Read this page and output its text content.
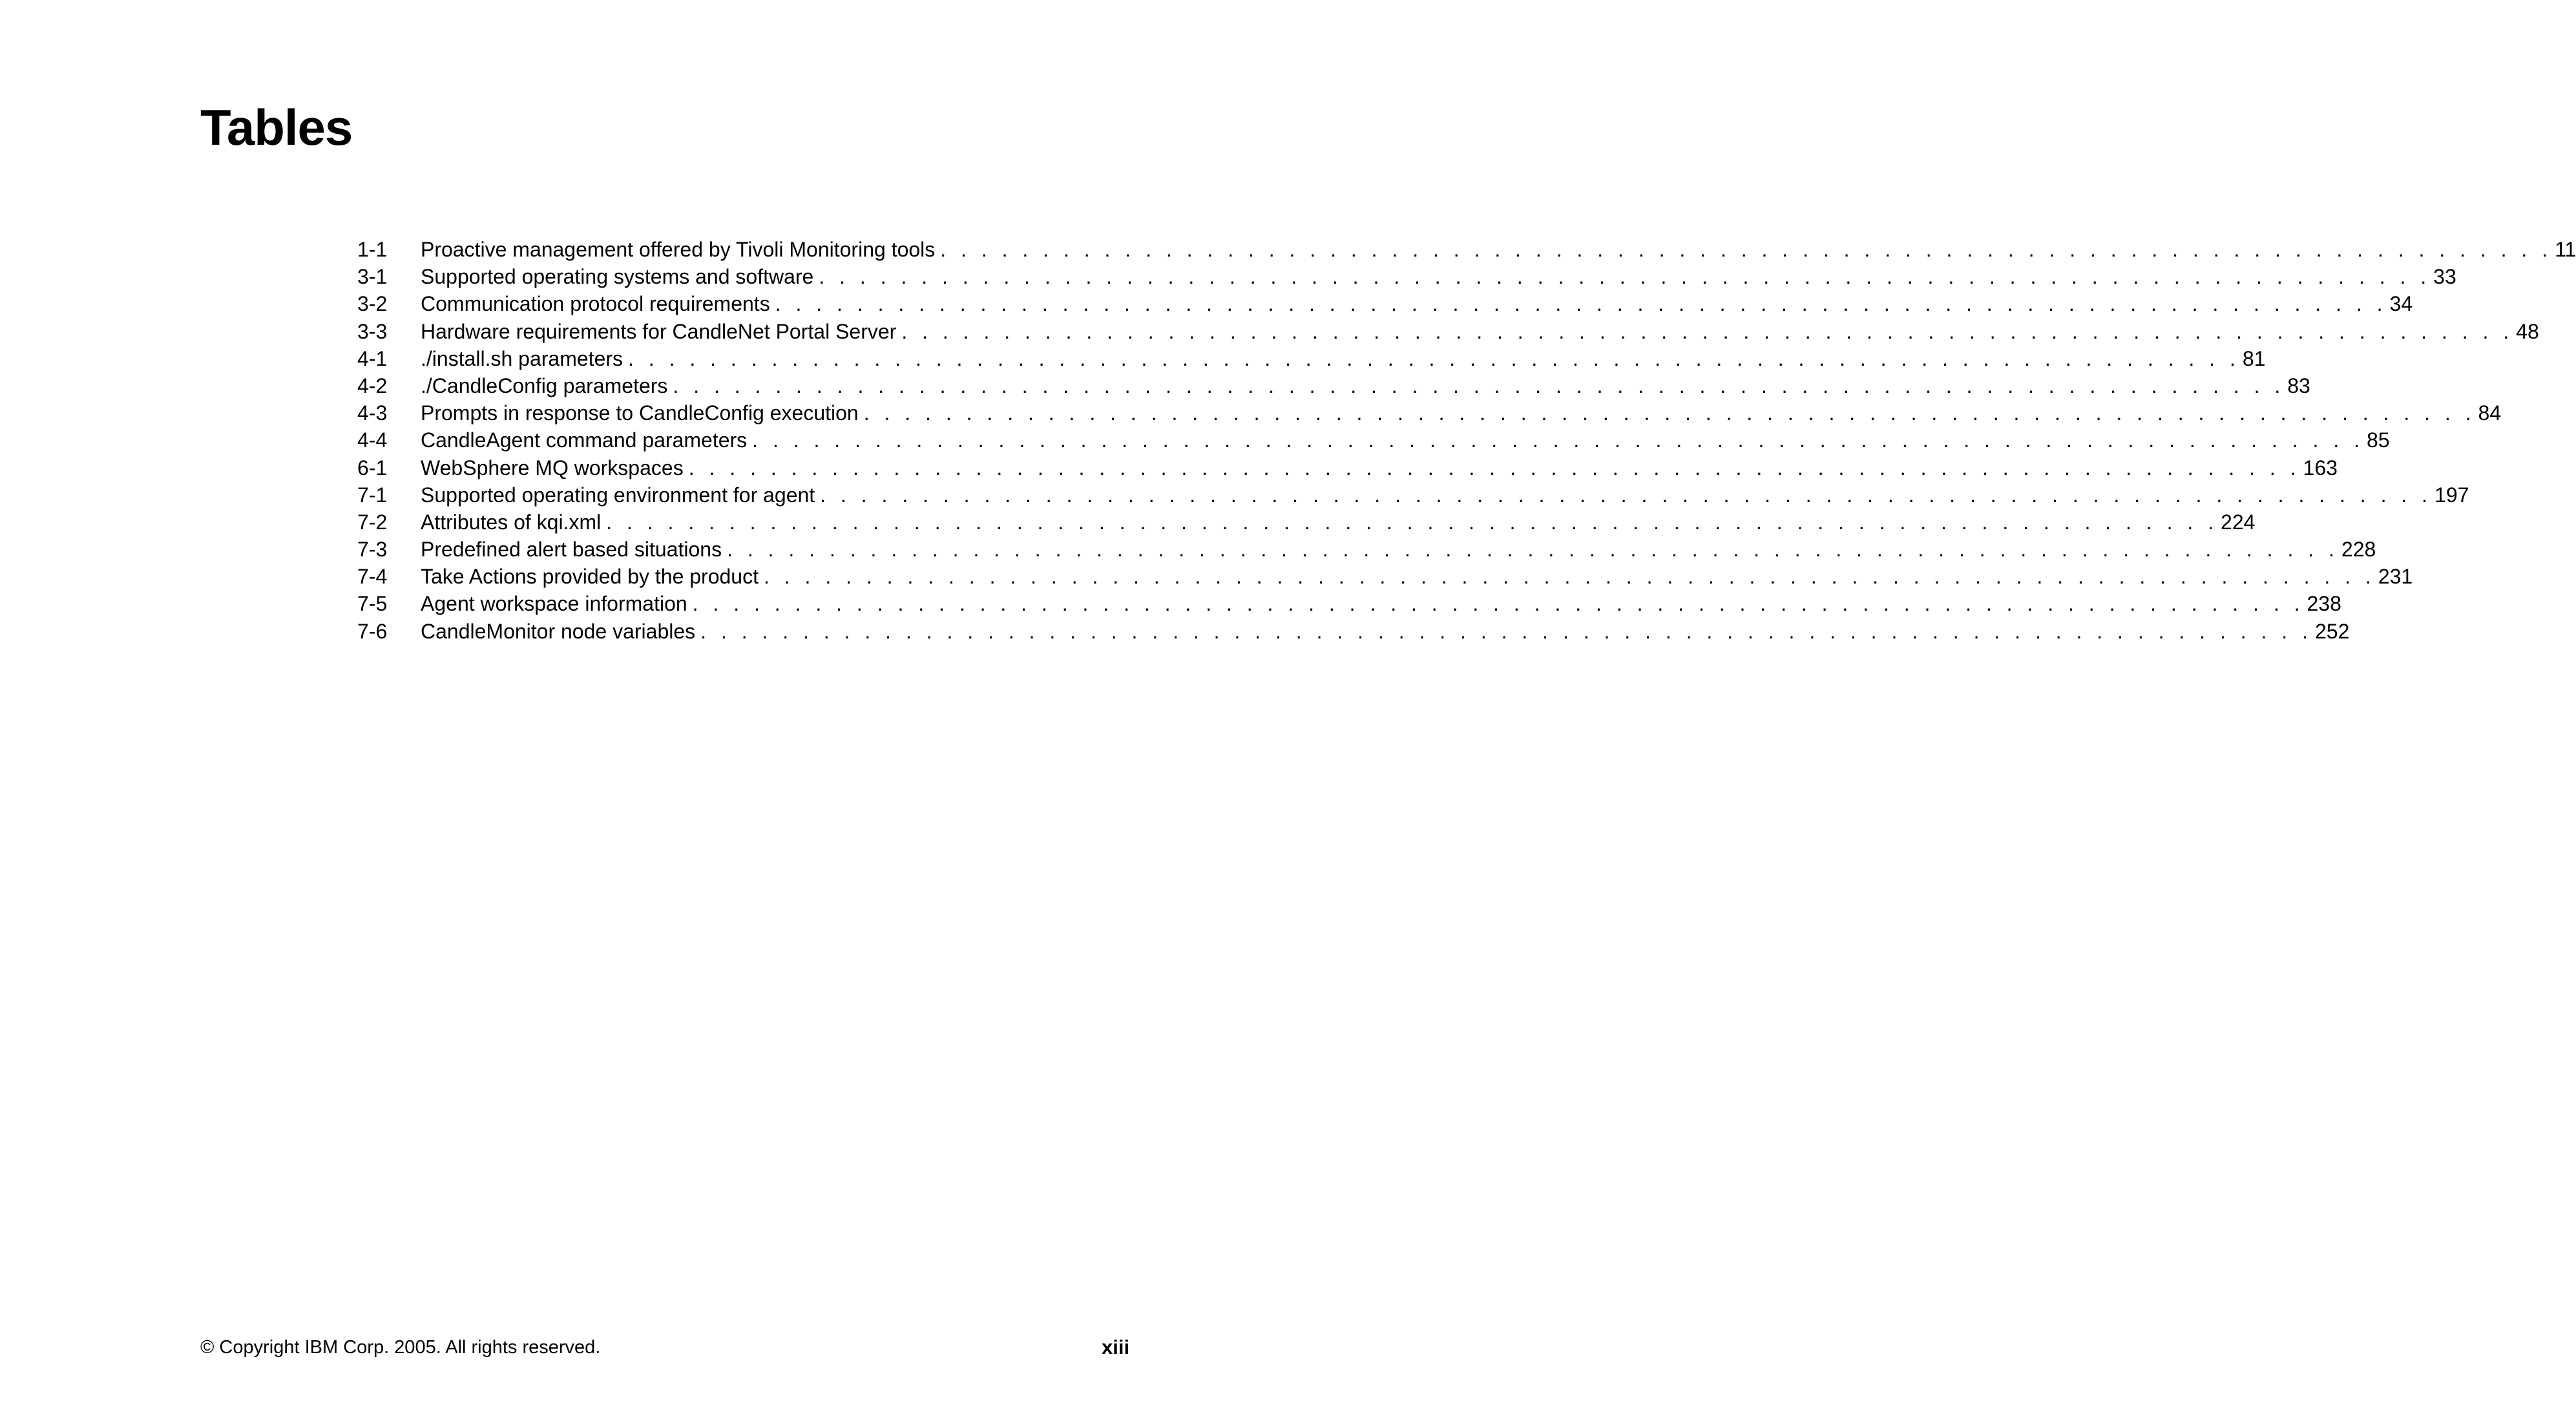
Tables
1-1	Proactive management offered by Tivoli Monitoring tools . . . . . . . . . . . . . . . . . . . . . . . . . . . . . . . . . . . . . . . . . . . . . . . . . . . . . . . . . . . . . . . . . . . . . . . . . . . . . . . 11
3-1	Supported operating systems and software . . . . . . . . . . . . . . . . . . . . . . . . . . . . . . . . . . . . . . . . . . . . . . . . . . . . . . . . . . . . . . . . . . . . . . . . . . . . . . . 33
3-2	Communication protocol requirements . . . . . . . . . . . . . . . . . . . . . . . . . . . . . . . . . . . . . . . . . . . . . . . . . . . . . . . . . . . . . . . . . . . . . . . . . . . . . . . 34
3-3	Hardware requirements for CandleNet Portal Server . . . . . . . . . . . . . . . . . . . . . . . . . . . . . . . . . . . . . . . . . . . . . . . . . . . . . . . . . . . . . . . . . . . . . . . . . . . . . . . 48
4-1	./install.sh parameters . . . . . . . . . . . . . . . . . . . . . . . . . . . . . . . . . . . . . . . . . . . . . . . . . . . . . . . . . . . . . . . . . . . . . . . . . . . . . . . 81
4-2	./CandleConfig parameters . . . . . . . . . . . . . . . . . . . . . . . . . . . . . . . . . . . . . . . . . . . . . . . . . . . . . . . . . . . . . . . . . . . . . . . . . . . . . . . 83
4-3	Prompts in response to CandleConfig execution . . . . . . . . . . . . . . . . . . . . . . . . . . . . . . . . . . . . . . . . . . . . . . . . . . . . . . . . . . . . . . . . . . . . . . . . . . . . . . . 84
4-4	CandleAgent command parameters . . . . . . . . . . . . . . . . . . . . . . . . . . . . . . . . . . . . . . . . . . . . . . . . . . . . . . . . . . . . . . . . . . . . . . . . . . . . . . . 85
6-1	WebSphere MQ workspaces . . . . . . . . . . . . . . . . . . . . . . . . . . . . . . . . . . . . . . . . . . . . . . . . . . . . . . . . . . . . . . . . . . . . . . . . . . . . . . . 163
7-1	Supported operating environment for agent . . . . . . . . . . . . . . . . . . . . . . . . . . . . . . . . . . . . . . . . . . . . . . . . . . . . . . . . . . . . . . . . . . . . . . . . . . . . . . . 197
7-2	Attributes of kqi.xml . . . . . . . . . . . . . . . . . . . . . . . . . . . . . . . . . . . . . . . . . . . . . . . . . . . . . . . . . . . . . . . . . . . . . . . . . . . . . . . 224
7-3	Predefined alert based situations . . . . . . . . . . . . . . . . . . . . . . . . . . . . . . . . . . . . . . . . . . . . . . . . . . . . . . . . . . . . . . . . . . . . . . . . . . . . . . . 228
7-4	Take Actions provided by the product . . . . . . . . . . . . . . . . . . . . . . . . . . . . . . . . . . . . . . . . . . . . . . . . . . . . . . . . . . . . . . . . . . . . . . . . . . . . . . . 231
7-5	Agent workspace information . . . . . . . . . . . . . . . . . . . . . . . . . . . . . . . . . . . . . . . . . . . . . . . . . . . . . . . . . . . . . . . . . . . . . . . . . . . . . . . 238
7-6	CandleMonitor node variables . . . . . . . . . . . . . . . . . . . . . . . . . . . . . . . . . . . . . . . . . . . . . . . . . . . . . . . . . . . . . . . . . . . . . . . . . . . . . . . 252
© Copyright IBM Corp. 2005. All rights reserved.	xiii
